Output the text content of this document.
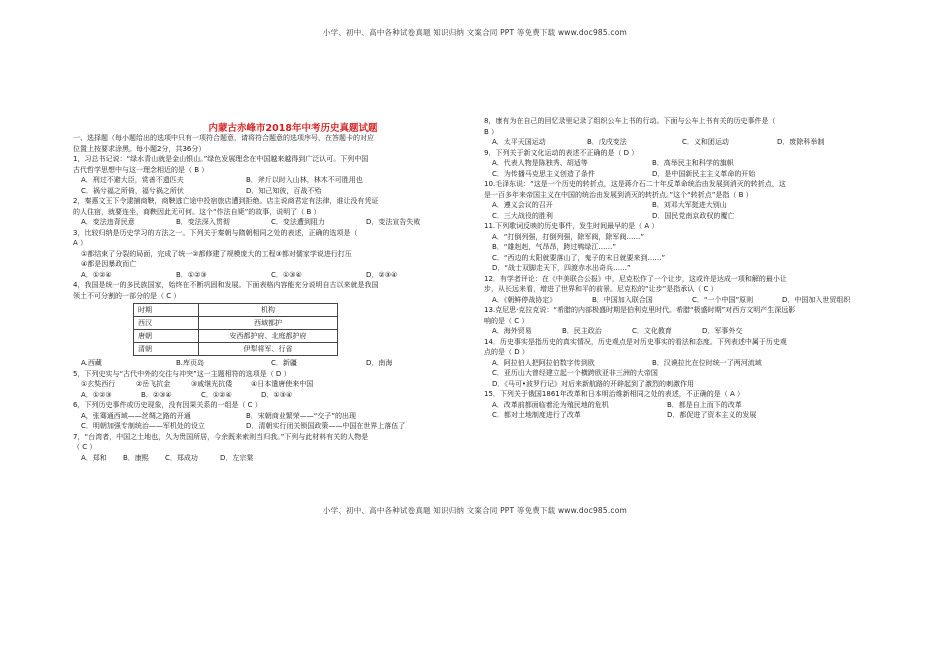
小学、初中、高中各种试卷真题 知识归纳 文案合同 PPT 等免费下载 www.doc985.com
内蒙古赤峰市2018年中考历史真题试题
一、选择题（每小题给出的选项中只有一项符合题意，请将符合题意的选项序号，在答题卡的对应
位置上按要求涂黑。每小题2分，共36分）
1，习总书记说：“绿水青山就是金山银山。”绿色发展理念在中国越来越得到广泛认可。下列中国
古代哲学思想中与这一理念相近的是（ B ）
A．刑过不避大臣，赏善不遗匹夫	B．斧斤以时入山林，林木不可胜用也
C．祸兮福之所倚，福兮祸之所伏	D．知己知彼，百战不殆
2，秦惠文王下令逮捕商鞅，商鞅逃亡途中投宿旅店遭到拒绝。店主说商君定有法律，谁让没有凭证
的人住宿，就要连坐，商鞅因此无可何。这个“作法自毙”的故事，说明了（ B ）
A．变法违背民意	B．变法深入贯彻	C．变法遭到阻力	D．变法宣告失败
3，比较归纳是历史学习的方法之一。下列关于秦朝与隋朝相同之处的表述，正确的选项是（
A ）
①都结束了分裂的局面，完成了统一②都修建了规模庞大的工程③都对儒家学说进行打压
④都是因暴政而亡
A．①②④	B．①②③	C．①③④	D．②③④
4，我国是统一的多民族国家，始终在不断巩固和发展。下面表格内容能充分说明自古以来就是我国
领土不可分割的一部分的是（ C ）
时期	机构
西汉	西域都护
唐朝	安西都护府、北庭都护府
清朝	伊犁将军、行省
A.西藏	B.库页岛	C．新疆	D．南海
5，下列史实与“古代中外的交往与冲突”这一主题相符的选项是（ D ）
①玄奘西行	②岳飞抗金	③戚继光抗倭	④日本遣唐使来中国
A．①②③	B．②③④	C．①②④	D．①③④
6，下列历史事件或历史现象，没有因果关系的一组是（ C ）
A，张骞通西域——丝绸之路的开通	B．宋朝商业繁荣——“交子”的出现
C．明朝加强专制统治——军机处的设立	D．清朝实行闭关锁国政策——中国在世界上落伍了
7，“台湾者，中国之土地也，久为贵国所居，今余既来索则当归我。”下列与此材料有关的人物是
（ C ）
A．郑和	B．康熙	C．郑成功	D．左宗棠
8，康有为在自己的回忆录里记录了组织公车上书的行动。下面与公车上书有关的历史事件是（
B ）
A．太平天国运动	B．戊戌变法	C．义和团运动	D．废除科举制
9．下列关于新文化运动的表述不正确的是（ D ）
A．代表人物是陈独秀、胡适等	B．高举民主和科学的旗帜
C．为传播马克思主义创造了条件	D．是中国新民主主义革命的开始
10.毛泽东说：“这是一个历史的转折点，这是蒋介石二十年反革命统治由发展到消灭的转折点，这
是一百多年来帝国主义在中国的统治由发展到消灭的转折点。”这个“转折点”是指（ B ）
A．遵义会议的召开	B．刘邓大军挺进大别山
C．三大战役的胜利	D．国民党南京政权的覆亡
11.下列歌词反映的历史事件，发生时间最早的是（ A ）
A．“打倒列强，打倒列强，除军阀，除军阀……”
B．“雄赳赳，气昂昂，跨过鸭绿江……”
C．“西边的太阳就要落山了，鬼子的末日就要来到……”
D．“战士双脚走天下，四渡赤水出奇兵……”
12．有学者评论：在《中美联合公报》中，尼克松作了一个让步，这或许是达成一项和解的最小让
步，从长远来看，增进了世界和平的前景。尼克松的“让步”是指承认（ C ）
A．《朝鲜停战协定》	B．中国加入联合国	C．“一个中国”原则	D．中国加入世贸组织
13.克尼思·克拉克说：“希腊的内部极盛时期是伯利克里时代。希腊“极盛时期”对西方文明产生深远影
响的是（ C ）
A．海外贸易	B．民主政治	C．文化教育	D．军事外交
14．历史事实是指历史的真实情况，历史观点是对历史事实的看法和态度。下列表述中属于历史观
点的是（ D ）
A．阿拉伯人把阿拉伯数字传到欧	B．汉谟拉比在位时统一了两河流域
C．亚历山大曾经建立起一个横跨欧亚非三洲的大帝国
D．《马可•波罗行记》对后来新航路的开辟起到了激烈的刺激作用
15．下列关于俄国1861年改革和日本明治维新相同之处的表述，不正确的是（ A ）
A．改革前都面临着沦为殖民地的危机	B．都是自上而下的改革
C．都对土地制度进行了改革	D．都促进了资本主义的发展
小学、初中、高中各种试卷真题 知识归纳 文案合同 PPT 等免费下载 www.doc985.com
